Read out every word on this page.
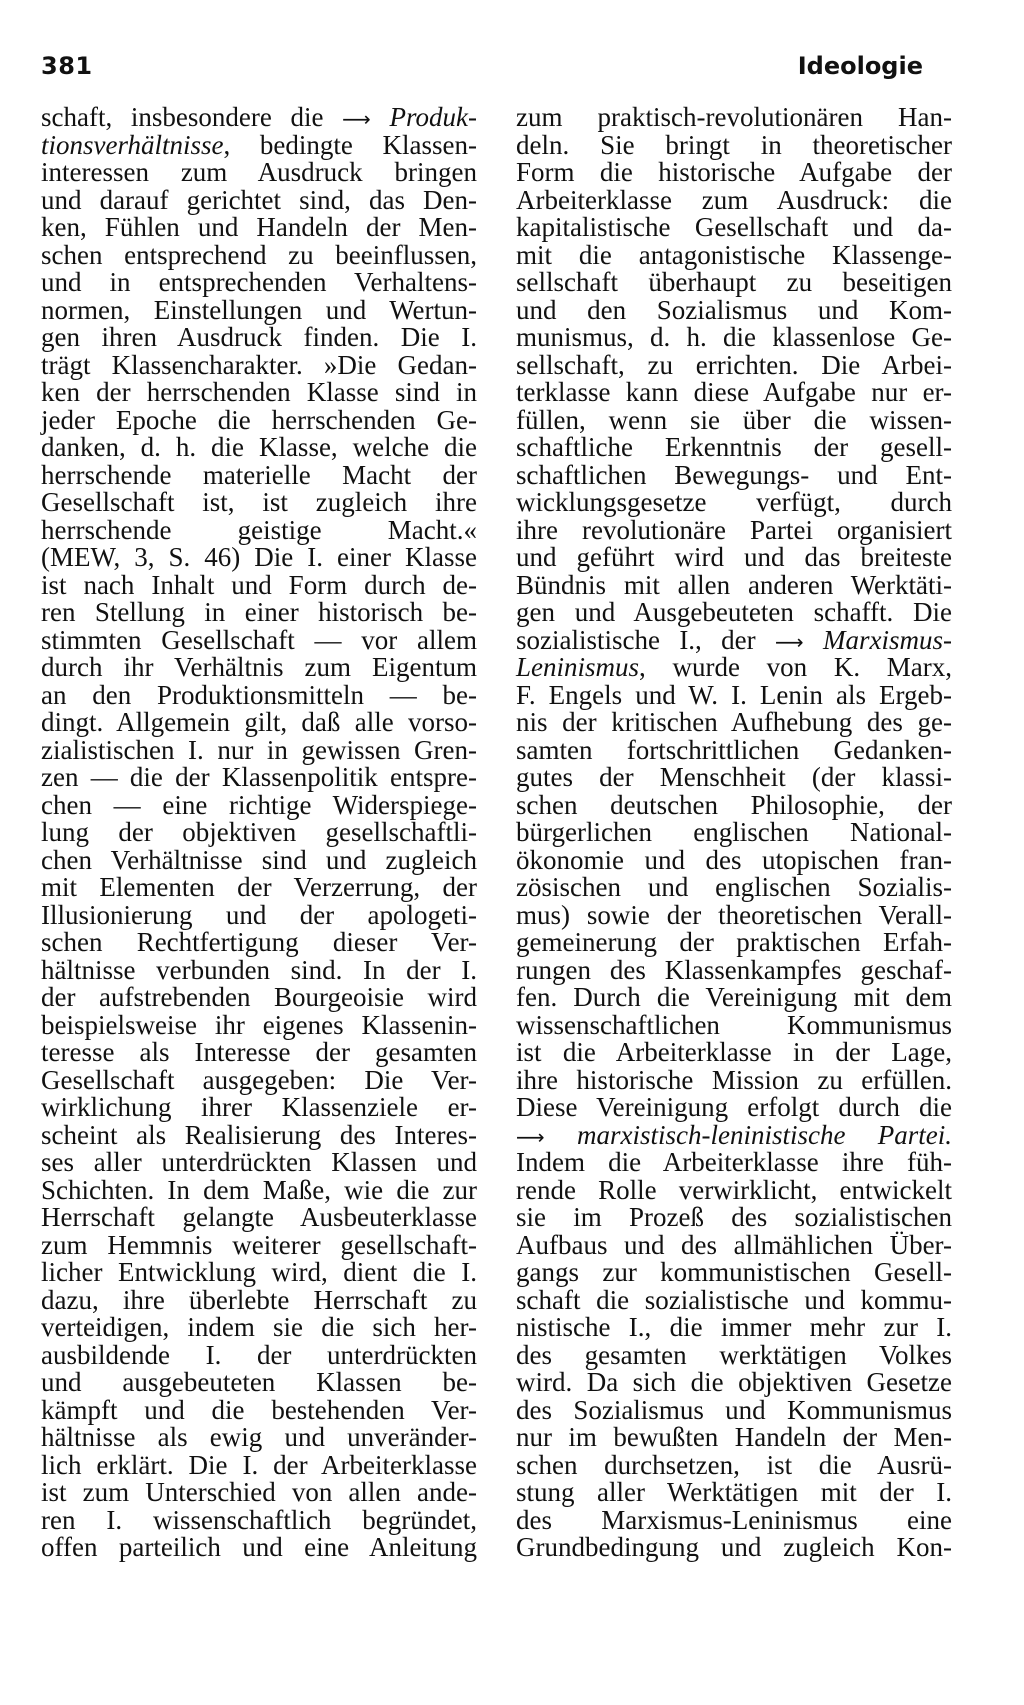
381	Ideologie
schaft, insbesondere die ⟶ Produk-
tionsverhältnisse, bedingte Klassen-
interessen zum Ausdruck bringen
und darauf gerichtet sind, das Den-
ken, Fühlen und Handeln der Men-
schen entsprechend zu beeinflussen,
und in entsprechenden Verhaltens-
normen, Einstellungen und Wertun-
gen ihren Ausdruck finden. Die I.
trägt Klassencharakter. »Die Gedan-
ken der herrschenden Klasse sind in
jeder Epoche die herrschenden Ge-
danken, d. h. die Klasse, welche die
herrschende materielle Macht der
Gesellschaft ist, ist zugleich ihre
herrschende geistige Macht.«
(MEW, 3, S. 46) Die I. einer Klasse
ist nach Inhalt und Form durch de-
ren Stellung in einer historisch be-
stimmten Gesellschaft — vor allem
durch ihr Verhältnis zum Eigentum
an den Produktionsmitteln — be-
dingt. Allgemein gilt, daß alle vorso-
zialistischen I. nur in gewissen Gren-
zen — die der Klassenpolitik entspre-
chen — eine richtige Widerspiege-
lung der objektiven gesellschaftli-
chen Verhältnisse sind und zugleich
mit Elementen der Verzerrung, der
Illusionierung und der apologeti-
schen Rechtfertigung dieser Ver-
hältnisse verbunden sind. In der I.
der aufstrebenden Bourgeoisie wird
beispielsweise ihr eigenes Klassenin-
teresse als Interesse der gesamten
Gesellschaft ausgegeben: Die Ver-
wirklichung ihrer Klassenziele er-
scheint als Realisierung des Interes-
ses aller unterdrückten Klassen und
Schichten. In dem Maße, wie die zur
Herrschaft gelangte Ausbeuterklasse
zum Hemmnis weiterer gesellschaft-
licher Entwicklung wird, dient die I.
dazu, ihre überlebte Herrschaft zu
verteidigen, indem sie die sich her-
ausbildende I. der unterdrückten
und ausgebeuteten Klassen be-
kämpft und die bestehenden Ver-
hältnisse als ewig und unveränder-
lich erklärt. Die I. der Arbeiterklasse
ist zum Unterschied von allen ande-
ren I. wissenschaftlich begründet,
offen parteilich und eine Anleitung
zum praktisch-revolutionären Han-
deln. Sie bringt in theoretischer
Form die historische Aufgabe der
Arbeiterklasse zum Ausdruck: die
kapitalistische Gesellschaft und da-
mit die antagonistische Klassenge-
sellschaft überhaupt zu beseitigen
und den Sozialismus und Kom-
munismus, d. h. die klassenlose Ge-
sellschaft, zu errichten. Die Arbei-
terklasse kann diese Aufgabe nur er-
füllen, wenn sie über die wissen-
schaftliche Erkenntnis der gesell-
schaftlichen Bewegungs- und Ent-
wicklungsgesetze verfügt, durch
ihre revolutionäre Partei organisiert
und geführt wird und das breiteste
Bündnis mit allen anderen Werktäti-
gen und Ausgebeuteten schafft. Die
sozialistische I., der ⟶ Marxismus-
Leninismus, wurde von K. Marx,
F. Engels und W. I. Lenin als Ergeb-
nis der kritischen Aufhebung des ge-
samten fortschrittlichen Gedanken-
gutes der Menschheit (der klassi-
schen deutschen Philosophie, der
bürgerlichen englischen National-
ökonomie und des utopischen fran-
zösischen und englischen Sozialis-
mus) sowie der theoretischen Verall-
gemeinerung der praktischen Erfah-
rungen des Klassenkampfes geschaf-
fen. Durch die Vereinigung mit dem
wissenschaftlichen Kommunismus
ist die Arbeiterklasse in der Lage,
ihre historische Mission zu erfüllen.
Diese Vereinigung erfolgt durch die
⟶ marxistisch-leninistische Partei.
Indem die Arbeiterklasse ihre füh-
rende Rolle verwirklicht, entwickelt
sie im Prozeß des sozialistischen
Aufbaus und des allmählichen Über-
gangs zur kommunistischen Gesell-
schaft die sozialistische und kommu-
nistische I., die immer mehr zur I.
des gesamten werktätigen Volkes
wird. Da sich die objektiven Gesetze
des Sozialismus und Kommunismus
nur im bewußten Handeln der Men-
schen durchsetzen, ist die Ausrü-
stung aller Werktätigen mit der I.
des Marxismus-Leninismus eine
Grundbedingung und zugleich Kon-
